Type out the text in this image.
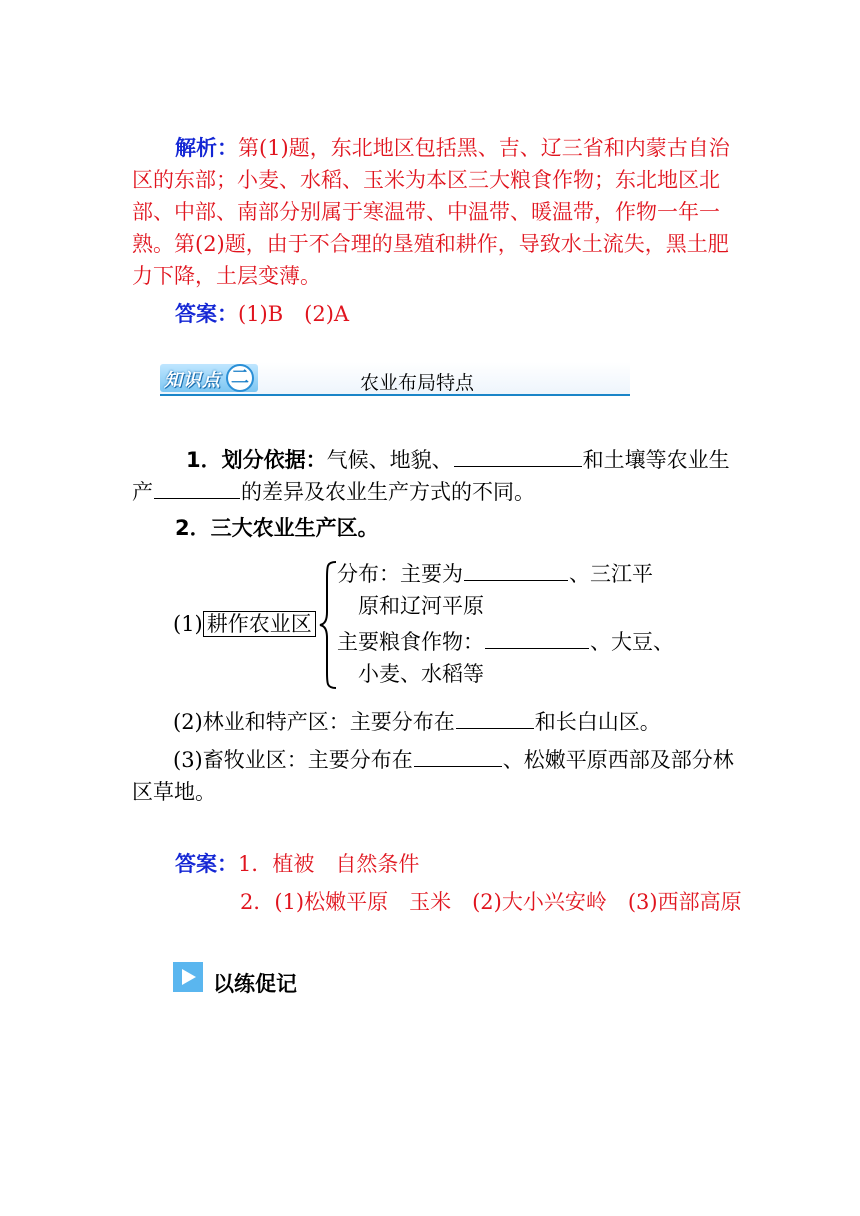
解析：第(1)题，东北地区包括黑、吉、辽三省和内蒙古自治
区的东部；小麦、水稻、玉米为本区三大粮食作物；东北地区北
部、中部、南部分别属于寒温带、中温带、暖温带，作物一年一
熟。第(2)题，由于不合理的垦殖和耕作，导致水土流失，黑土肥
力下降，土层变薄。
答案：(1)B　(2)A
知识点 二	农业布局特点
1．划分依据：气候、地貌、	和土壤等农业生
产	的差异及农业生产方式的不同。
2．三大农业生产区。
(1) 耕作农业区
分布：主要为	、三江平
原和辽河平原
主要粮食作物：	、大豆、
小麦、水稻等
(2)林业和特产区：主要分布在	和长白山区。
(3)畜牧业区：主要分布在	、松嫩平原西部及部分林
区草地。
答案：1．植被　自然条件
2．(1)松嫩平原　玉米　(2)大小兴安岭　(3)西部高原
以练促记
